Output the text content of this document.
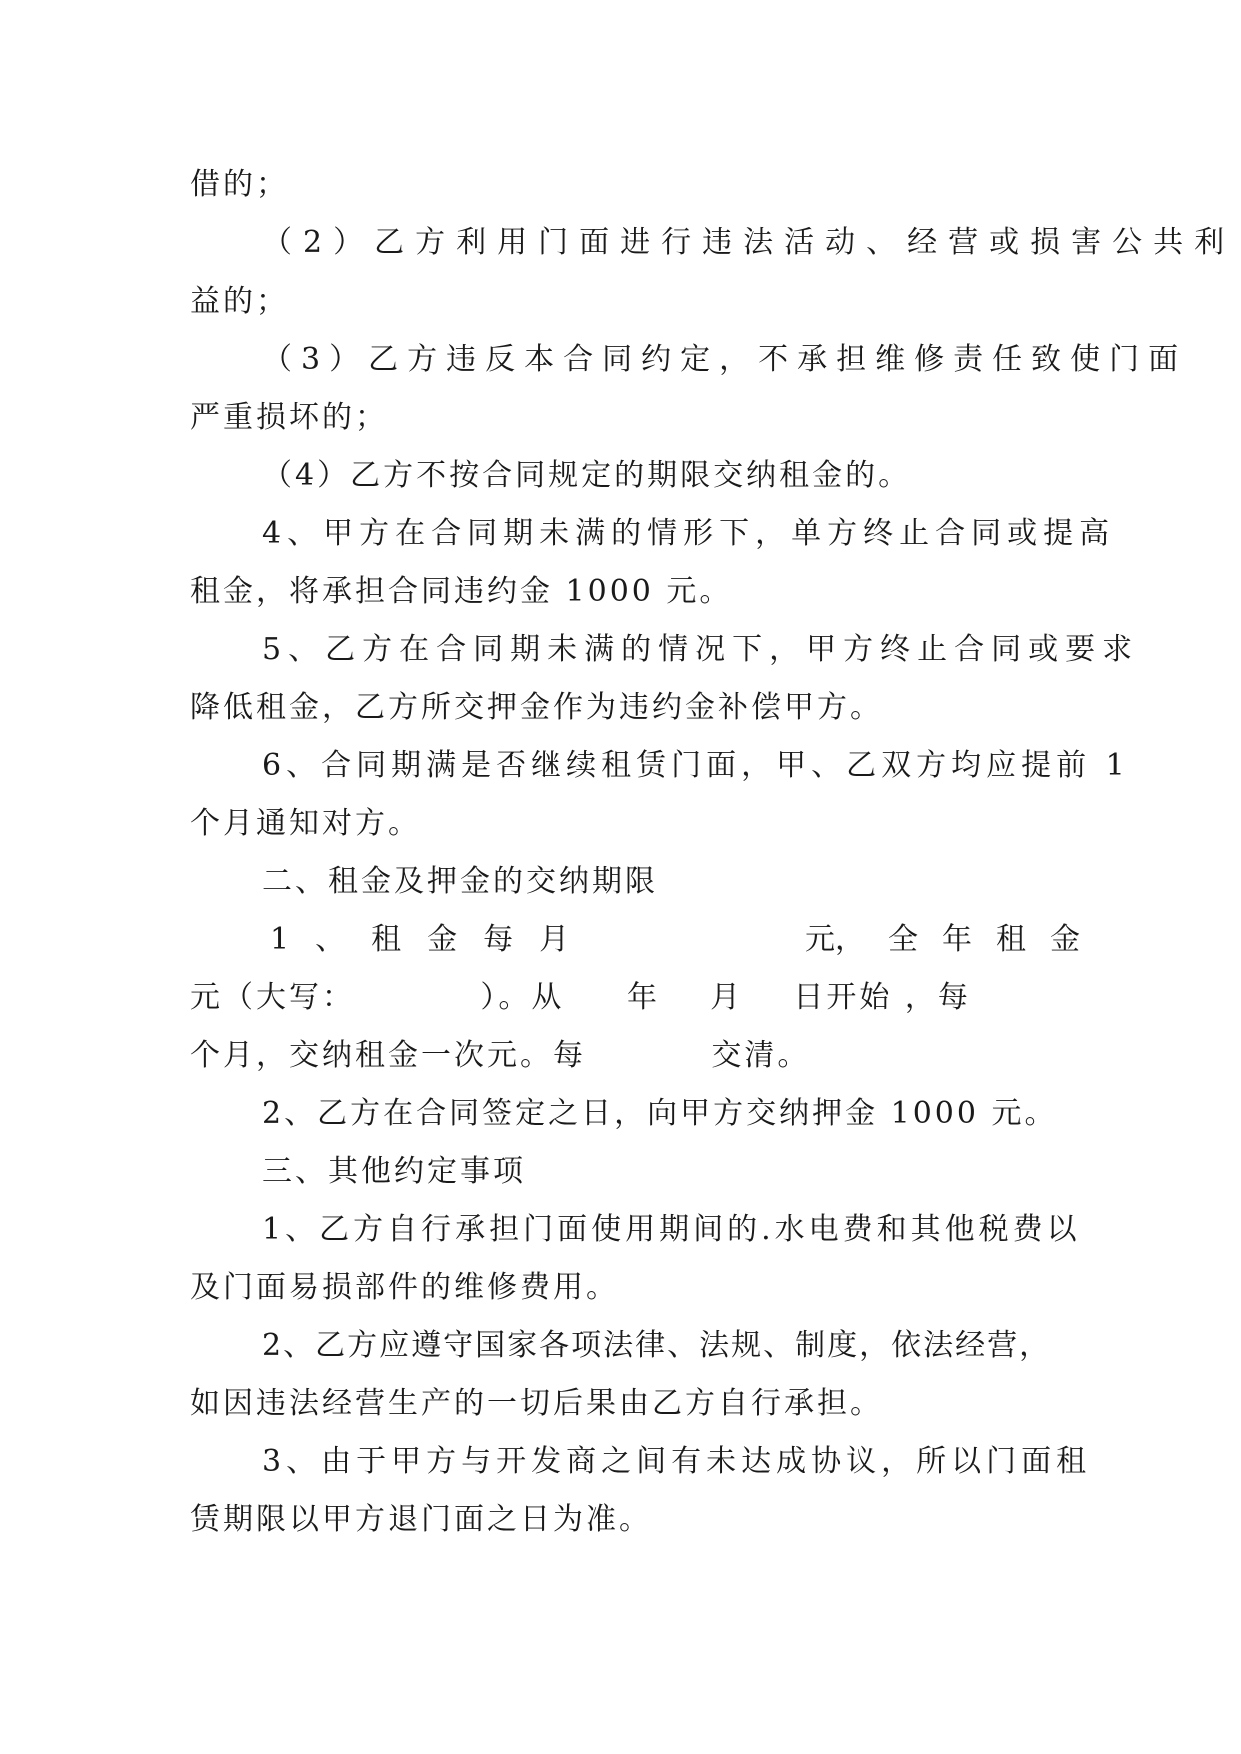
借的；
（2）乙方利用门面进行违法活动、经营或损害公共利
益的；
（3）乙方违反本合同约定，不承担维修责任致使门面
严重损坏的；
（4）乙方不按合同规定的期限交纳租金的。
4、甲方在合同期未满的情形下，单方终止合同或提高
租金，将承担合同违约金 1000 元。
5、乙方在合同期未满的情况下，甲方终止合同或要求
降低租金，乙方所交押金作为违约金补偿甲方。
6、合同期满是否继续租赁门面，甲、乙双方均应提前 1
个月通知对方。
二、租金及押金的交纳期限
1、租金每月	元， 全年租金
元（大写：          ）。从     年    月    日开始 ，每
个月，交纳租金一次元。每          交清。
2、乙方在合同签定之日，向甲方交纳押金 1000 元。
三、其他约定事项
1、乙方自行承担门面使用期间的.水电费和其他税费以
及门面易损部件的维修费用。
2、乙方应遵守国家各项法律、法规、制度，依法经营，
如因违法经营生产的一切后果由乙方自行承担。
3、由于甲方与开发商之间有未达成协议，所以门面租
赁期限以甲方退门面之日为准。
